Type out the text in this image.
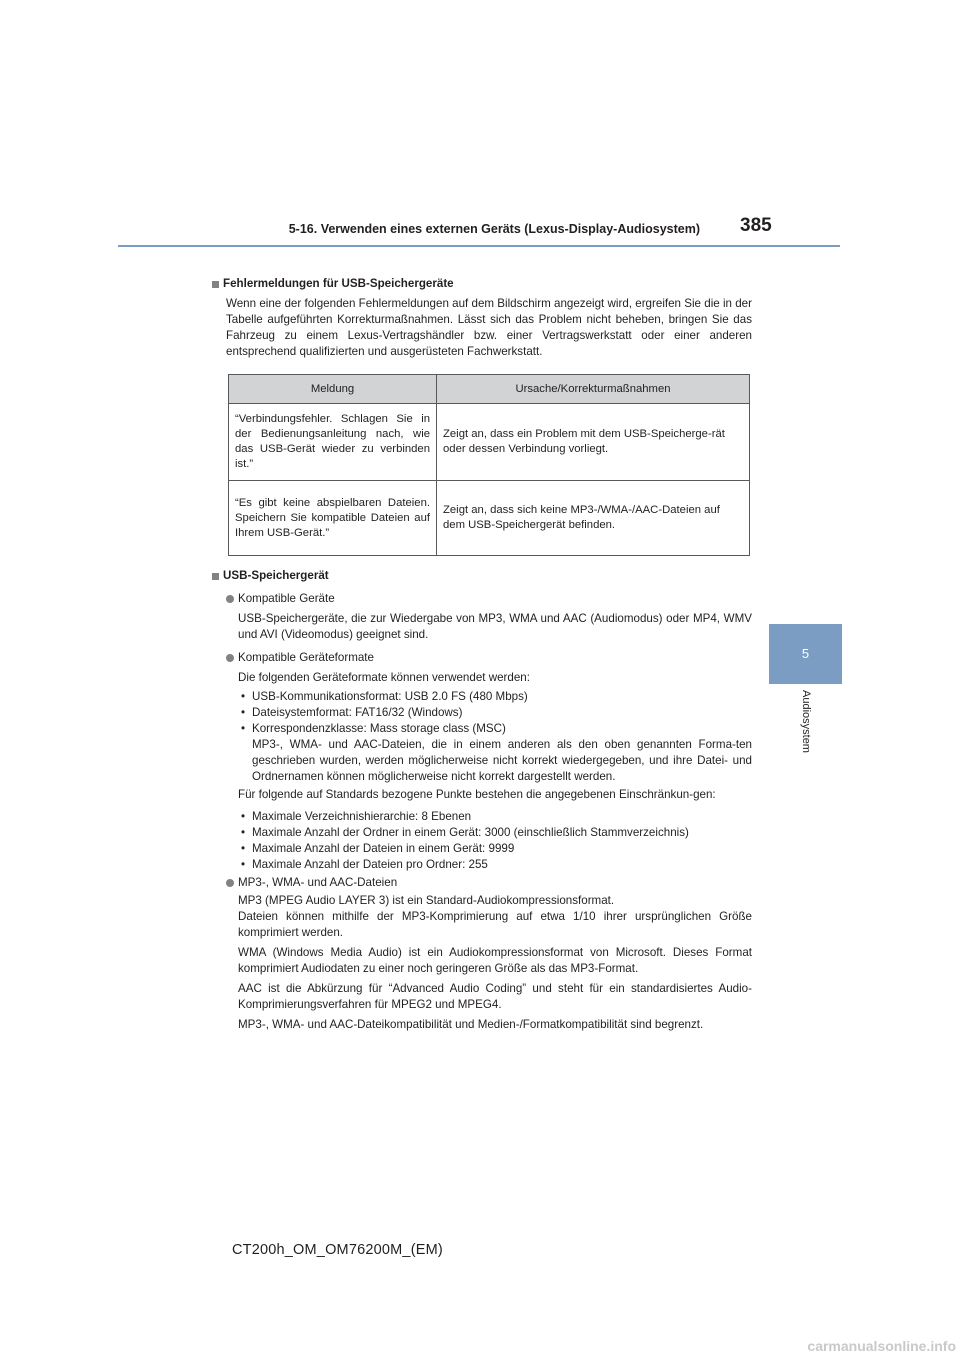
5-16. Verwenden eines externen Geräts (Lexus-Display-Audiosystem) 385
5
Audiosystem
Fehlermeldungen für USB-Speichergeräte
Wenn eine der folgenden Fehlermeldungen auf dem Bildschirm angezeigt wird, ergreifen Sie die in der Tabelle aufgeführten Korrekturmaßnahmen. Lässt sich das Problem nicht beheben, bringen Sie das Fahrzeug zu einem Lexus-Vertragshändler bzw. einer Vertragswerkstatt oder einer anderen entsprechend qualifizierten und ausgerüsteten Fachwerkstatt.
Meldung	Ursache/Korrekturmaßnahmen
“Verbindungsfehler. Schlagen Sie in der Bedienungsanleitung nach, wie das USB-Gerät wieder zu verbinden ist.”	Zeigt an, dass ein Problem mit dem USB-Speicherge-rät oder dessen Verbindung vorliegt.
“Es gibt keine abspielbaren Dateien. Speichern Sie kompatible Dateien auf Ihrem USB-Gerät.”	Zeigt an, dass sich keine MP3-/WMA-/AAC-Dateien auf dem USB-Speichergerät befinden.
USB-Speichergerät
Kompatible Geräte
USB-Speichergeräte, die zur Wiedergabe von MP3, WMA und AAC (Audiomodus) oder MP4, WMV und AVI (Videomodus) geeignet sind.
Kompatible Geräteformate
Die folgenden Geräteformate können verwendet werden:
• USB-Kommunikationsformat: USB 2.0 FS (480 Mbps)
• Dateisystemformat: FAT16/32 (Windows)
• Korrespondenzklasse: Mass storage class (MSC)
MP3-, WMA- und AAC-Dateien, die in einem anderen als den oben genannten Forma-ten geschrieben wurden, werden möglicherweise nicht korrekt wiedergegeben, und ihre Datei- und Ordnernamen können möglicherweise nicht korrekt dargestellt werden.
Für folgende auf Standards bezogene Punkte bestehen die angegebenen Einschränkun-gen:
• Maximale Verzeichnishierarchie: 8 Ebenen
• Maximale Anzahl der Ordner in einem Gerät: 3000 (einschließlich Stammverzeichnis)
• Maximale Anzahl der Dateien in einem Gerät: 9999
• Maximale Anzahl der Dateien pro Ordner: 255
MP3-, WMA- und AAC-Dateien
MP3 (MPEG Audio LAYER 3) ist ein Standard-Audiokompressionsformat.
Dateien können mithilfe der MP3-Komprimierung auf etwa 1/10 ihrer ursprünglichen Größe komprimiert werden.
WMA (Windows Media Audio) ist ein Audiokompressionsformat von Microsoft. Dieses Format komprimiert Audiodaten zu einer noch geringeren Größe als das MP3-Format.
AAC ist die Abkürzung für “Advanced Audio Coding” und steht für ein standardisiertes Audio-Komprimierungsverfahren für MPEG2 und MPEG4.
MP3-, WMA- und AAC-Dateikompatibilität und Medien-/Formatkompatibilität sind begrenzt.
CT200h_OM_OM76200M_(EM)
carmanualsonline.info
